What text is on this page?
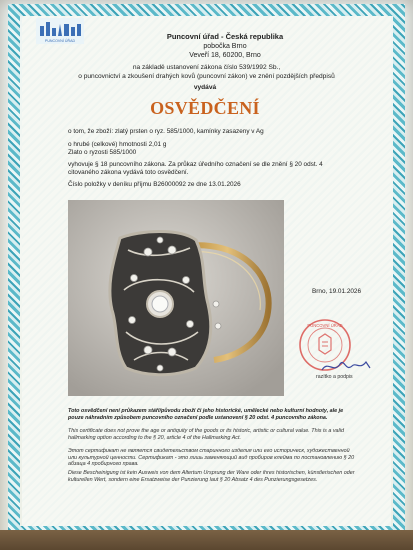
PUNCOVNÍ ÚŘAD	Puncovní úřad - Česká republika
pobočka Brno
Veveří 18, 60200, Brno
na základě ustanovení zákona číslo 539/1992 Sb.,
o puncovnictví a zkoušení drahých kovů (puncovní zákon) ve znění pozdějších předpisů
vydává
OSVĚDČENÍ
o tom, že zboží: zlatý prsten o ryz. 585/1000, kamínky zasazeny v Ag
o hrubé (celkové) hmotnosti 2,01 g
Zlato o ryzosti 585/1000
vyhovuje § 18 puncovního zákona. Za průkaz úředního označení se dle znění § 20 odst. 4
citovaného zákona vydává toto osvědčení.
Číslo položky v deníku příjmu B26000092 ze dne 13.01.2026
Brno, 19.01.2026
PUNCOVNÍ ÚŘAD
razítko a podpis
Toto osvědčení není průkazem stáří/původu zboží či jeho historické, umělecké nebo kulturní hodnoty, ale je pouze náhradním způsobem puncovního označení podle ustanovení § 20 odst. 4 puncovního zákona.
This certificate does not prove the age or antiquity of the goods or its historic, artistic or cultural value. This is a valid hallmarking option according to the § 20, article 4 of the Hallmarking Act.
Этот сертификат не является свидетельством старинного изделия или его историческ, художественной или культурной ценности. Сертификат - это лишь заменяющий вид пробиров клейма по постановлению § 20 абзаца 4 пробирного права.
Diese Bescheinigung ist kein Ausweis von dem Altertum Ursprung der Ware oder ihres historischen, künstlerischen oder kulturellen Wert, sondern eine Ersatzweise der Punzierung laut § 20 Absatz 4 des Punzierungsgesetzes.
